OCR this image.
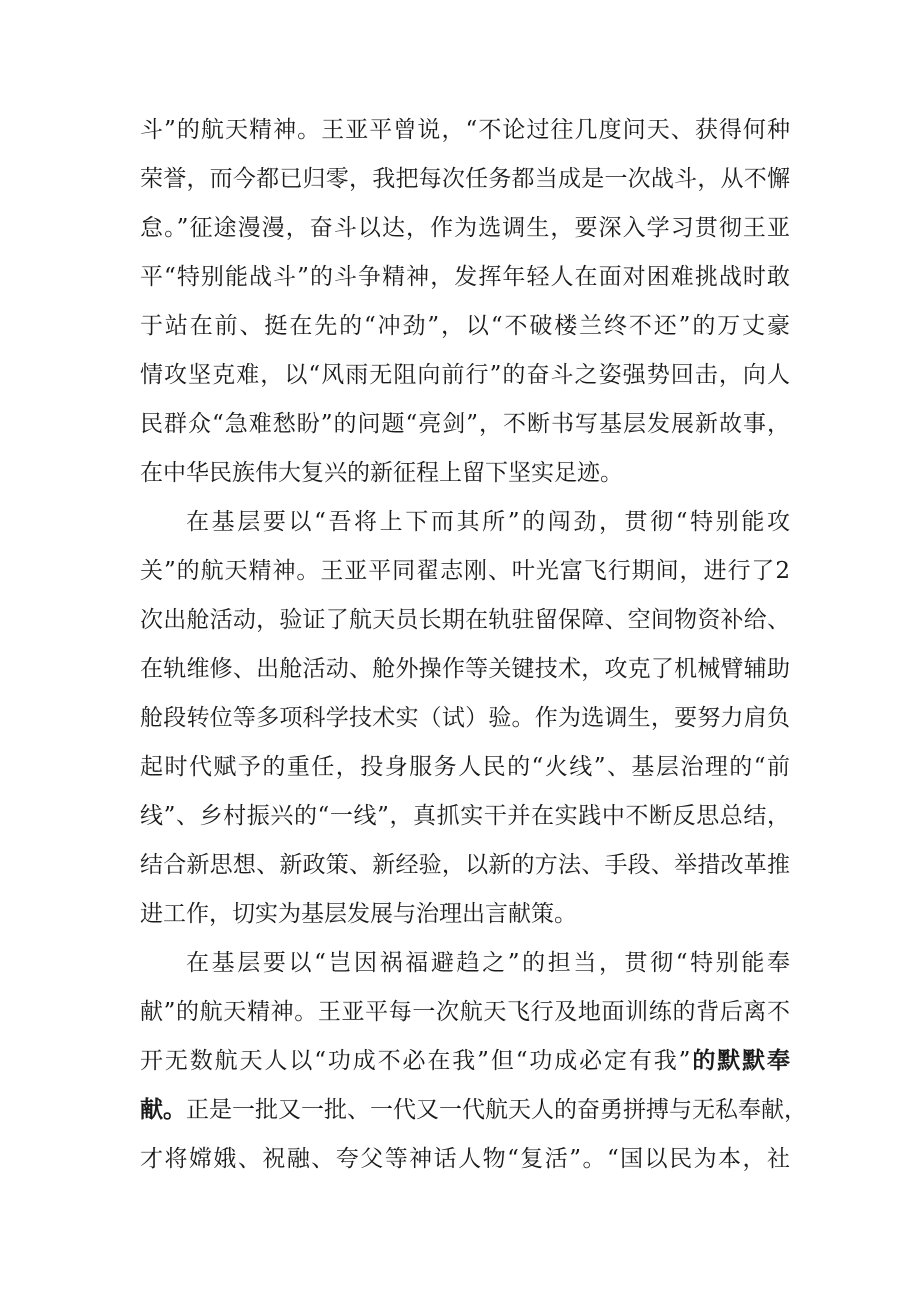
斗”的航天精神。王亚平曾说，“不论过往几度问天、获得何种
荣誉，而今都已归零，我把每次任务都当成是一次战斗，从不懈
怠。”征途漫漫，奋斗以达，作为选调生，要深入学习贯彻王亚
平“特别能战斗”的斗争精神，发挥年轻人在面对困难挑战时敢
于站在前、挺在先的“冲劲”，以“不破楼兰终不还”的万丈豪
情攻坚克难，以“风雨无阻向前行”的奋斗之姿强势回击，向人
民群众“急难愁盼”的问题“亮剑”，不断书写基层发展新故事，
在中华民族伟大复兴的新征程上留下坚实足迹。
在基层要以“吾将上下而其所”的闯劲，贯彻“特别能攻
关”的航天精神。王亚平同翟志刚、叶光富飞行期间，进行了2
次出舱活动，验证了航天员长期在轨驻留保障、空间物资补给、
在轨维修、出舱活动、舱外操作等关键技术，攻克了机械臂辅助
舱段转位等多项科学技术实（试）验。作为选调生，要努力肩负
起时代赋予的重任，投身服务人民的“火线”、基层治理的“前
线”、乡村振兴的“一线”，真抓实干并在实践中不断反思总结，
结合新思想、新政策、新经验，以新的方法、手段、举措改革推
进工作，切实为基层发展与治理出言献策。
在基层要以“岂因祸福避趋之”的担当，贯彻“特别能奉
献”的航天精神。王亚平每一次航天飞行及地面训练的背后离不
开无数航天人以“功成不必在我”但“功成必定有我”的默默奉
献。正是一批又一批、一代又一代航天人的奋勇拼搏与无私奉献，
才将嫦娥、祝融、夸父等神话人物“复活”。“国以民为本，社
